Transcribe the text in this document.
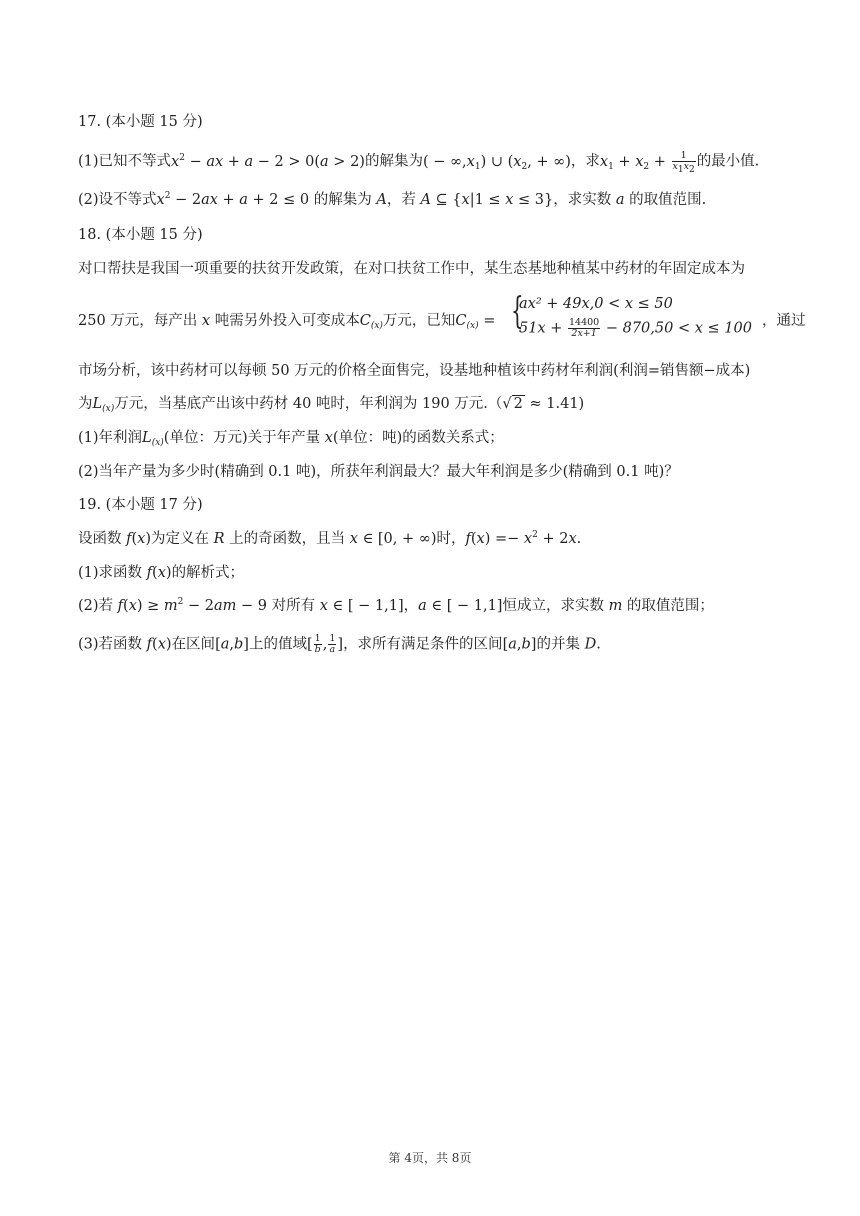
17. (本小题 15 分)
(1)已知不等式$x^2$ − ax + a − 2 > 0(a > 2)的解集为( − $\infty,x_1$) ∪ ($x_2$, + ∞)，求$x_1 + x_2 + \frac{1}{x_1x_2}$ 的最小值.
(2)设不等式$x^2 - 2ax + a + 2 \le 0$ 的解集为 A，若 A ⊆ {x|1 ≤ x ≤ 3}，求实数 a 的取值范围.
18. (本小题 15 分)
对口帮扶是我国一项重要的扶贫开发政策，在对口扶贫工作中，某生态基地种植某中药材的年固定成本为
250 万元，每产出 x 吨需另外投入可变成本$C_{(x)}$万元，已知$C_{(x)}$ = {
ax² + 49x,0 < x ≤ 50
$51x + \frac{14400}{2x+1} - 870,50 < x \le 100$ ，通过
市场分析，该中药材可以每顿 50 万元的价格全面售完，设基地种植该中药材年利润(利润=销售额−成本)
为$L_{(x)}$万元，当基底产出该中药材 40 吨时，年利润为 190 万元.（√ 2 ≈ 1.41)
(1)年利润$L_{(x)}$(单位：万元)关于年产量 x(单位：吨)的函数关系式；
(2)当年产量为多少时(精确到 0.1 吨)，所获年利润最大？最大年利润是多少(精确到 0.1 吨)？
19. (本小题 17 分)
设函数 f(x)为定义在 R 上的奇函数，且当 x ∈ [0, + ∞)时，$f(x) =- x^2 + 2x$.
(1)求函数 f(x)的解析式；
(2)若 $f(x) \ge m^2 - 2am - 9$ 对所有 x ∈ [ − 1,1]，a ∈ [ − 1,1]恒成立，求实数 m 的取值范围；
(3)若函数 f(x)在区间[a,b]上的值域[ $\frac{1}{b}$ , $\frac{1}{a}$ ]，求所有满足条件的区间[a,b]的并集 D.
第 4页，共 8页
